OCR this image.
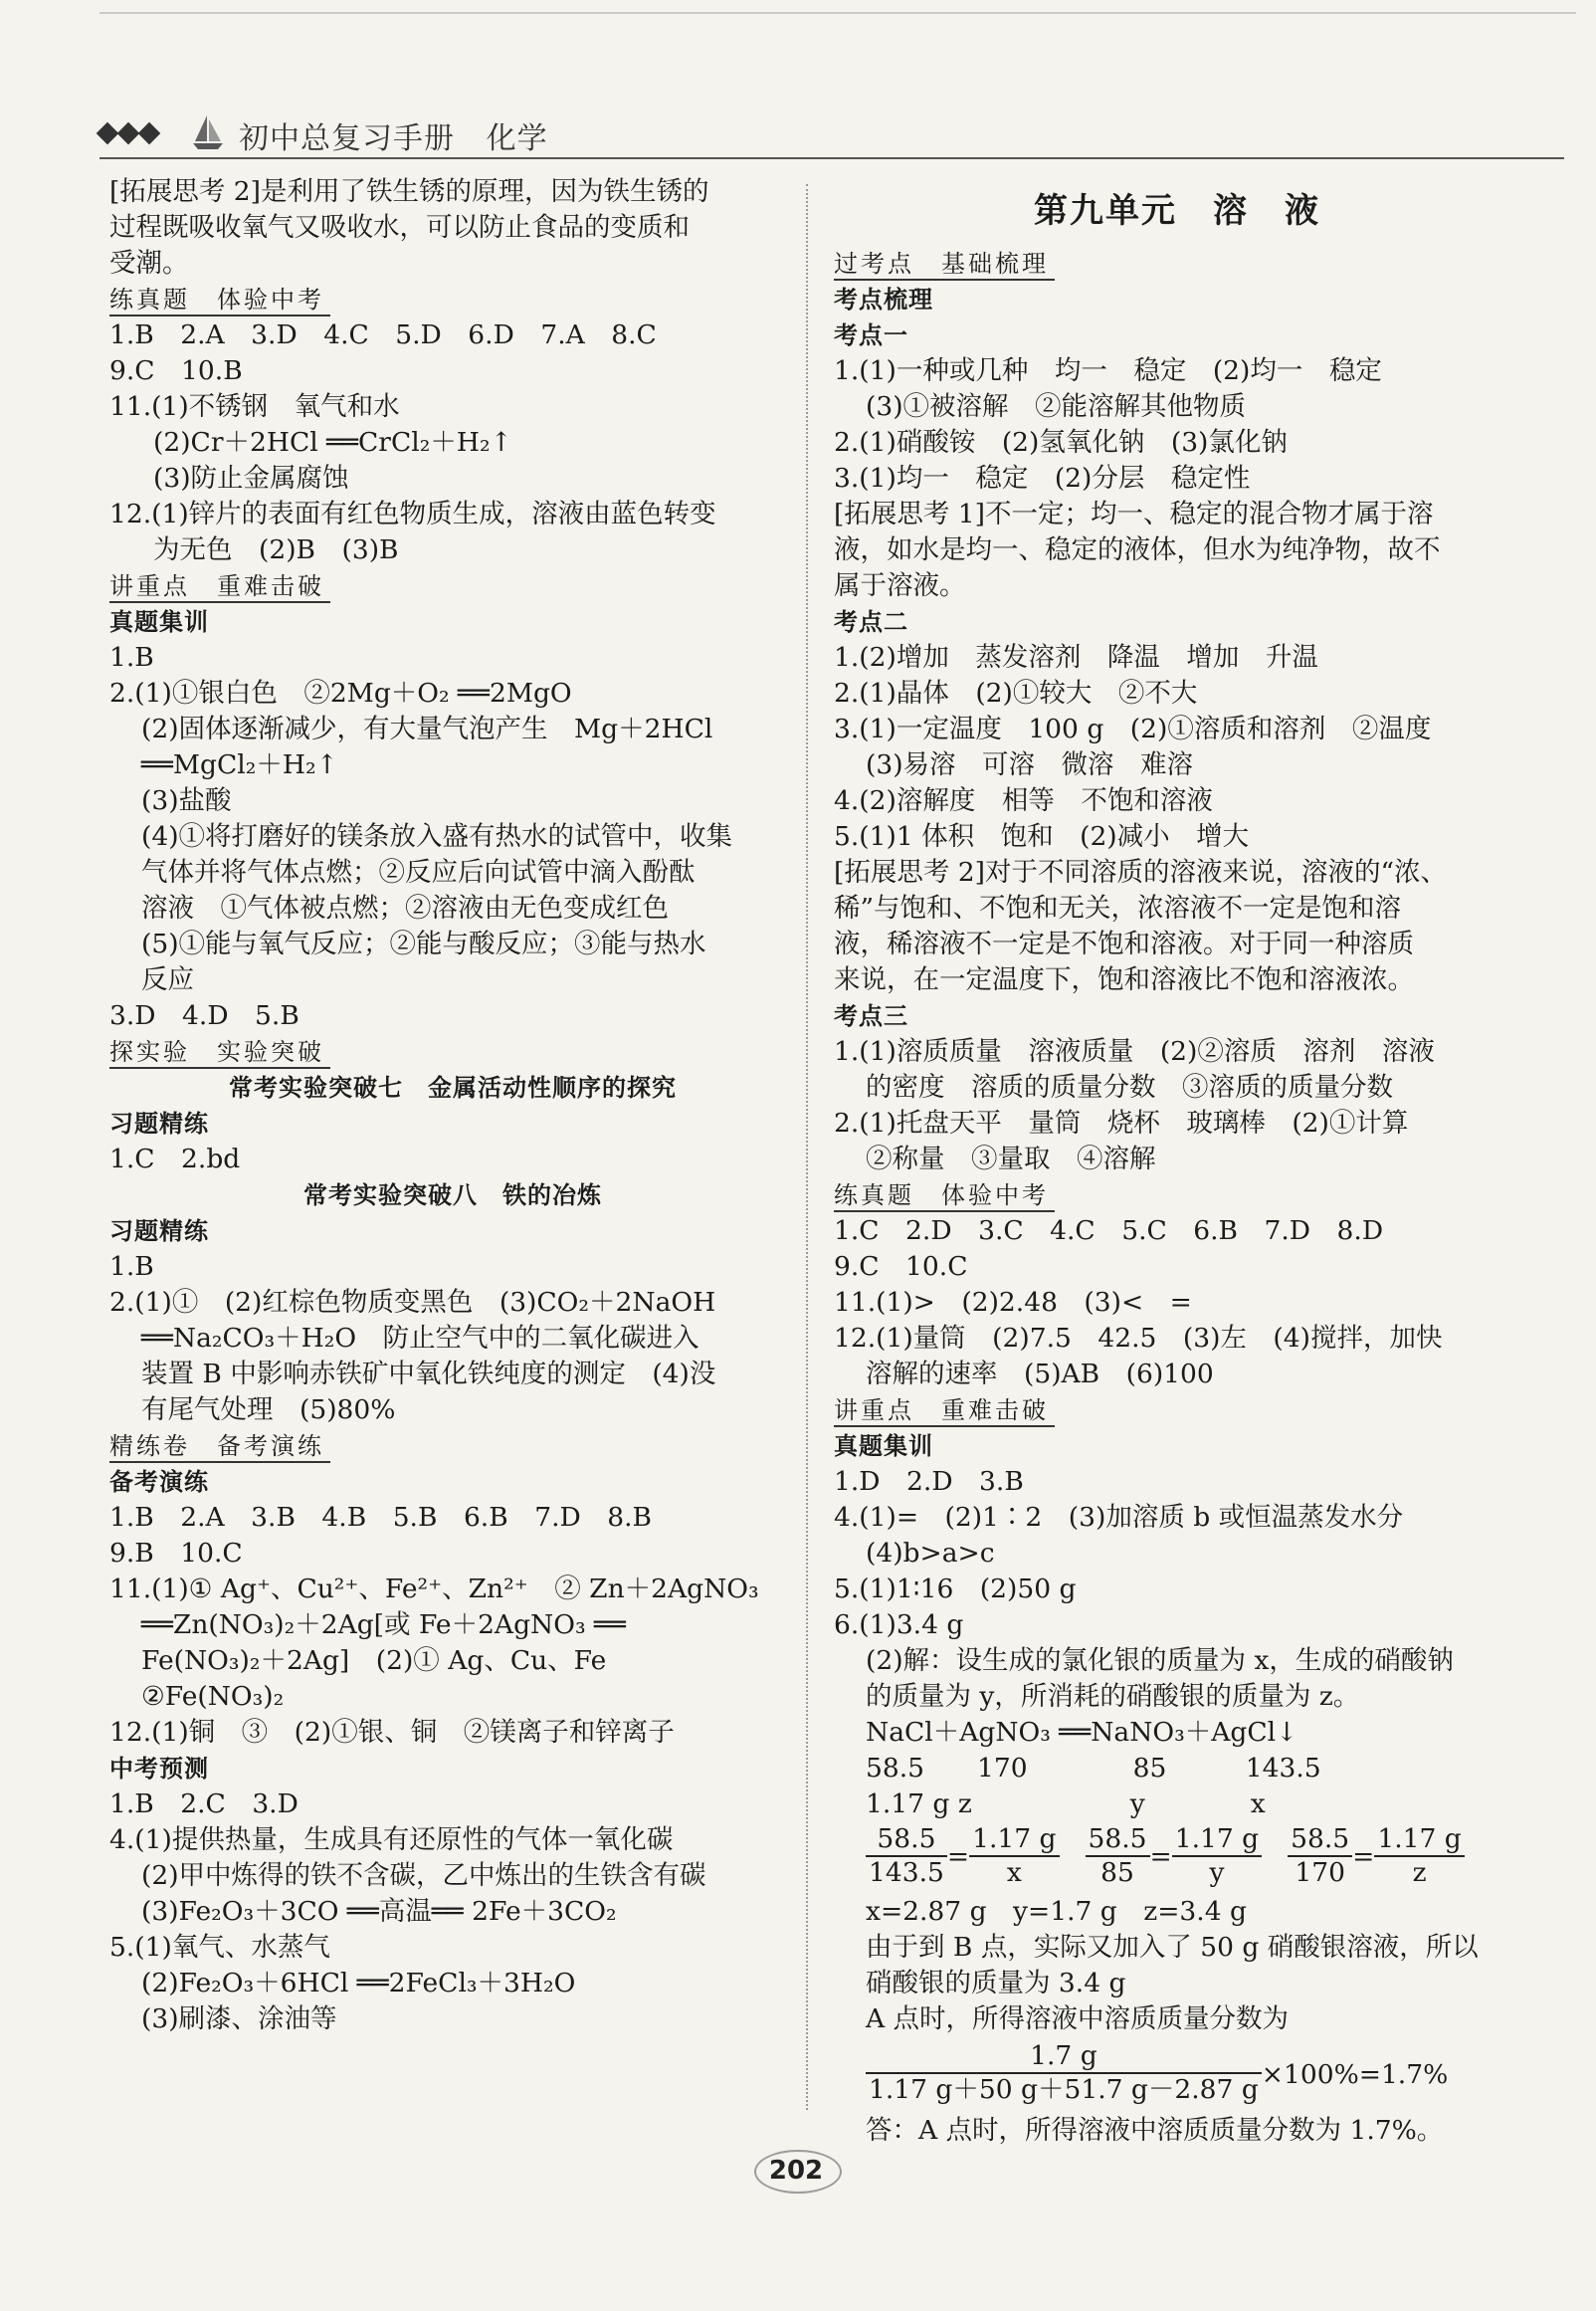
初中总复习手册   化学
[拓展思考 2]是利用了铁生锈的原理，因为铁生锈的
过程既吸收氧气又吸收水，可以防止食品的变质和
受潮。
练真题　体验中考
1.B　2.A　3.D　4.C　5.D　6.D　7.A　8.C
9.C　10.B
11.(1)不锈钢　氧气和水
(2)Cr＋2HCl ══CrCl₂＋H₂↑
(3)防止金属腐蚀
12.(1)锌片的表面有红色物质生成，溶液由蓝色转变
为无色　(2)B　(3)B
讲重点　重难击破
真题集训
1.B
2.(1)①银白色　②2Mg＋O₂ ══2MgO
(2)固体逐渐减少，有大量气泡产生　Mg＋2HCl
══MgCl₂＋H₂↑
(3)盐酸
(4)①将打磨好的镁条放入盛有热水的试管中，收集
气体并将气体点燃；②反应后向试管中滴入酚酞
溶液　①气体被点燃；②溶液由无色变成红色
(5)①能与氧气反应；②能与酸反应；③能与热水
反应
3.D　4.D　5.B
探实验　实验突破
常考实验突破七　金属活动性顺序的探究
习题精练
1.C　2.bd
常考实验突破八　铁的冶炼
习题精练
1.B
2.(1)①　(2)红棕色物质变黑色　(3)CO₂＋2NaOH
══Na₂CO₃＋H₂O　防止空气中的二氧化碳进入
装置 B 中影响赤铁矿中氧化铁纯度的测定　(4)没
有尾气处理　(5)80%
精练卷　备考演练
备考演练
1.B　2.A　3.B　4.B　5.B　6.B　7.D　8.B
9.B　10.C
11.(1)① Ag⁺、Cu²⁺、Fe²⁺、Zn²⁺　② Zn＋2AgNO₃
══Zn(NO₃)₂＋2Ag[或 Fe＋2AgNO₃ ══
Fe(NO₃)₂＋2Ag]　(2)① Ag、Cu、Fe
②Fe(NO₃)₂
12.(1)铜　③　(2)①银、铜　②镁离子和锌离子
中考预测
1.B　2.C　3.D
4.(1)提供热量，生成具有还原性的气体一氧化碳
(2)甲中炼得的铁不含碳，乙中炼出的生铁含有碳
(3)Fe₂O₃＋3CO ══高温══ 2Fe＋3CO₂
5.(1)氧气、水蒸气
(2)Fe₂O₃＋6HCl ══2FeCl₃＋3H₂O
(3)刷漆、涂油等
第九单元　溶　液
过考点　基础梳理
考点梳理
考点一
1.(1)一种或几种　均一　稳定　(2)均一　稳定
(3)①被溶解　②能溶解其他物质
2.(1)硝酸铵　(2)氢氧化钠　(3)氯化钠
3.(1)均一　稳定　(2)分层　稳定性
[拓展思考 1]不一定；均一、稳定的混合物才属于溶
液，如水是均一、稳定的液体，但水为纯净物，故不
属于溶液。
考点二
1.(2)增加　蒸发溶剂　降温　增加　升温
2.(1)晶体　(2)①较大　②不大
3.(1)一定温度　100 g　(2)①溶质和溶剂　②温度
(3)易溶　可溶　微溶　难溶
4.(2)溶解度　相等　不饱和溶液
5.(1)1 体积　饱和　(2)减小　增大
[拓展思考 2]对于不同溶质的溶液来说，溶液的“浓、
稀”与饱和、不饱和无关，浓溶液不一定是饱和溶
液，稀溶液不一定是不饱和溶液。对于同一种溶质
来说，在一定温度下，饱和溶液比不饱和溶液浓。
考点三
1.(1)溶质质量　溶液质量　(2)②溶质　溶剂　溶液
的密度　溶质的质量分数　③溶质的质量分数
2.(1)托盘天平　量筒　烧杯　玻璃棒　(2)①计算
②称量　③量取　④溶解
练真题　体验中考
1.C　2.D　3.C　4.C　5.C　6.B　7.D　8.D
9.C　10.C
11.(1)>　(2)2.48　(3)<　=
12.(1)量筒　(2)7.5　42.5　(3)左　(4)搅拌，加快
溶解的速率　(5)AB　(6)100
讲重点　重难击破
真题集训
1.D　2.D　3.B
4.(1)=　(2)1∶2　(3)加溶质 b 或恒温蒸发水分
(4)b>a>c
5.(1)1∶16　(2)50 g
6.(1)3.4 g
(2)解：设生成的氯化银的质量为 x，生成的硝酸钠
的质量为 y，所消耗的硝酸银的质量为 z。
NaCl＋AgNO₃ ══NaNO₃＋AgCl↓
58.5　　170　　　　85　　　143.5
1.17 g z　　　　　　y　　　　x
$\frac{58.5}{143.5} = \frac{1.17 g}{x} \frac{58.5}{85} = \frac{1.17 g}{y} \frac{58.5}{170} = \frac{1.17 g}{z}$
x=2.87 g　y=1.7 g　z=3.4 g
由于到 B 点，实际又加入了 50 g 硝酸银溶液，所以
硝酸银的质量为 3.4 g
A 点时，所得溶液中溶质质量分数为
$\frac{1.7 g}{1.17 g+50 g+51.7 g-2.87 g} \times 100\%=1.7\%$
答：A 点时，所得溶液中溶质质量分数为 1.7%。
202
